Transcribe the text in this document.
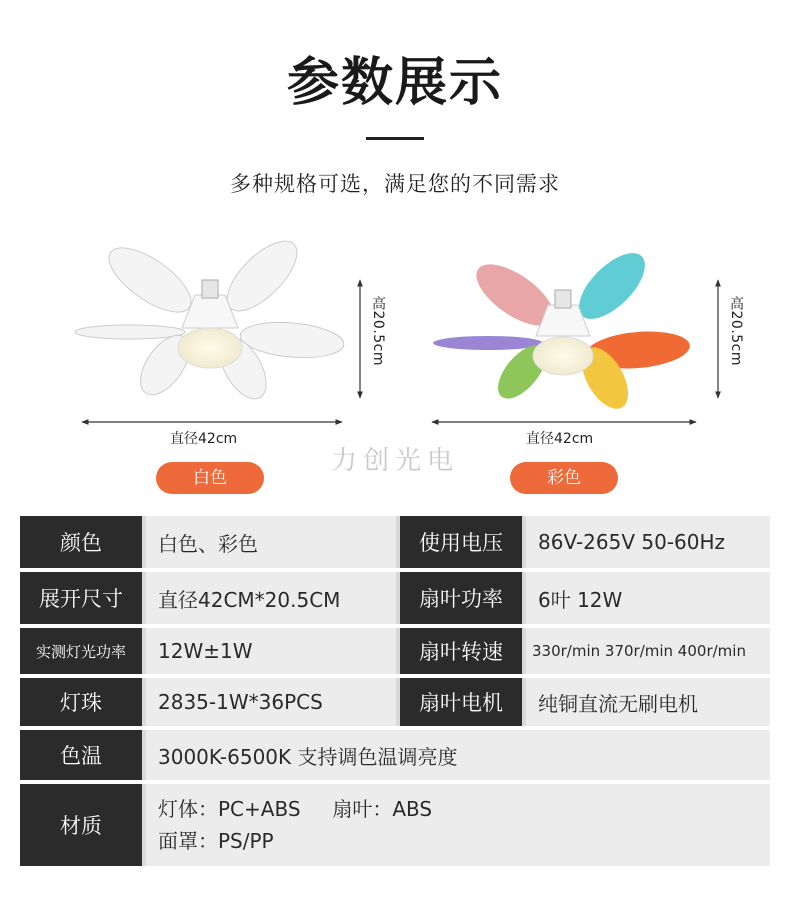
参数展示
多种规格可选，满足您的不同需求
直径42cm
高20.5cm
直径42cm
高20.5cm
力创光电
白色	彩色
颜色	白色、彩色	使用电压	86V-265V 50-60Hz
展开尺寸	直径42CM*20.5CM	扇叶功率	6叶 12W
实测灯光功率	12W±1W	扇叶转速	330r/min 370r/min 400r/min
灯珠	2835-1W*36PCS	扇叶电机	纯铜直流无刷电机
色温	3000K-6500K 支持调色温调亮度
材质
灯体：PC+ABS     扇叶：ABS
面罩：PS/PP
